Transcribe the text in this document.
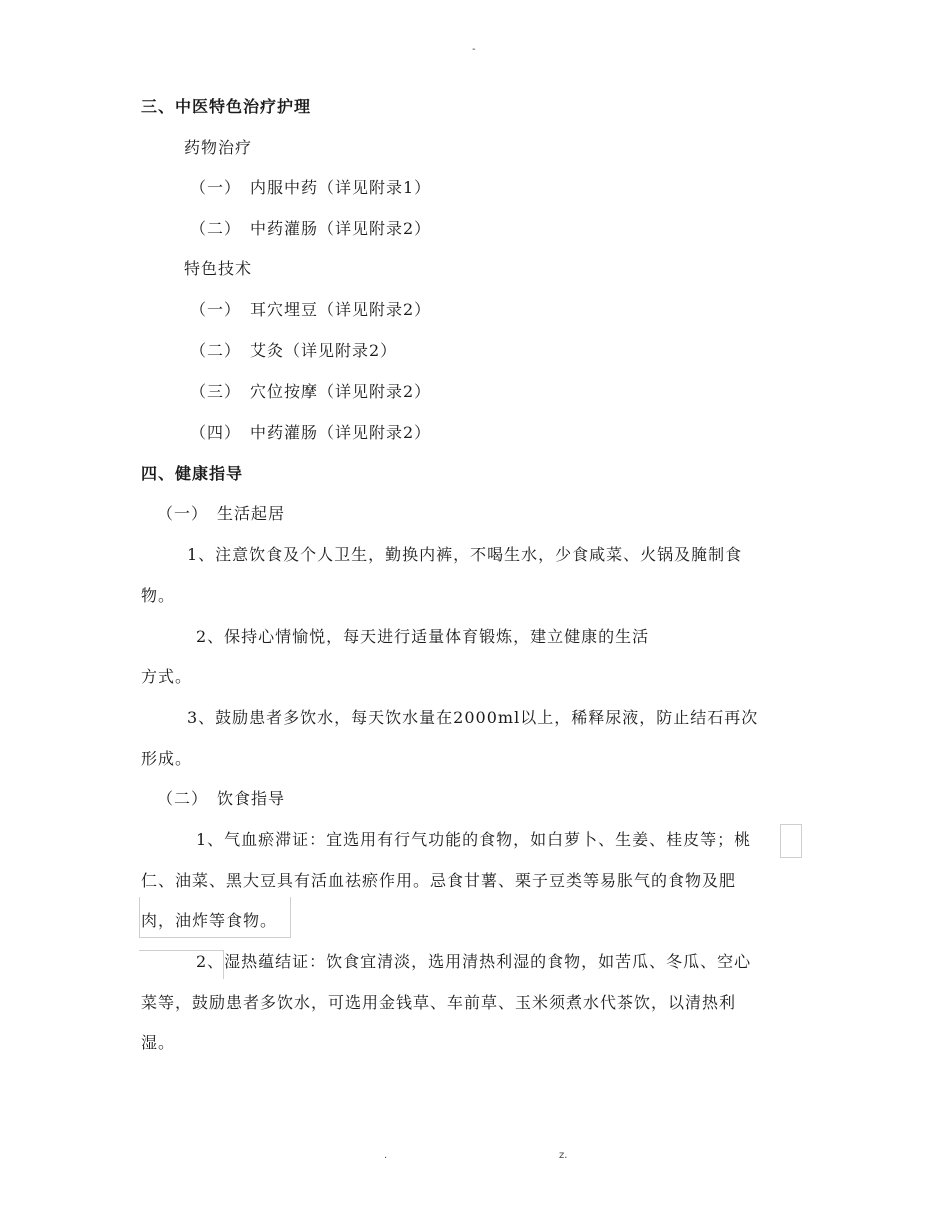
-
三、中医特色治疗护理
药物治疗
（一）　内服中药（详见附录1）
（二）　中药灌肠（详见附录2）
特色技术
（一）　耳穴埋豆（详见附录2）
（二）　艾灸（详见附录2）
（三）　穴位按摩（详见附录2）
（四）　中药灌肠（详见附录2）
四、健康指导
（一）　生活起居
1、注意饮食及个人卫生，勤换内裤，不喝生水，少食咸菜、火锅及腌制食
物。
2、保持心情愉悦，每天进行适量体育锻炼，建立健康的生活
方式。
3、鼓励患者多饮水，每天饮水量在2000ml以上，稀释尿液，防止结石再次
形成。
（二）　饮食指导
1、气血瘀滞证：宜选用有行气功能的食物，如白萝卜、生姜、桂皮等；桃
仁、油菜、黑大豆具有活血祛瘀作用。忌食甘薯、栗子豆类等易胀气的食物及肥
肉，油炸等食物。
2、湿热蕴结证：饮食宜清淡，选用清热利湿的食物，如苦瓜、冬瓜、空心
菜等，鼓励患者多饮水，可选用金钱草、车前草、玉米须煮水代茶饮，以清热利
湿。
.	z.
